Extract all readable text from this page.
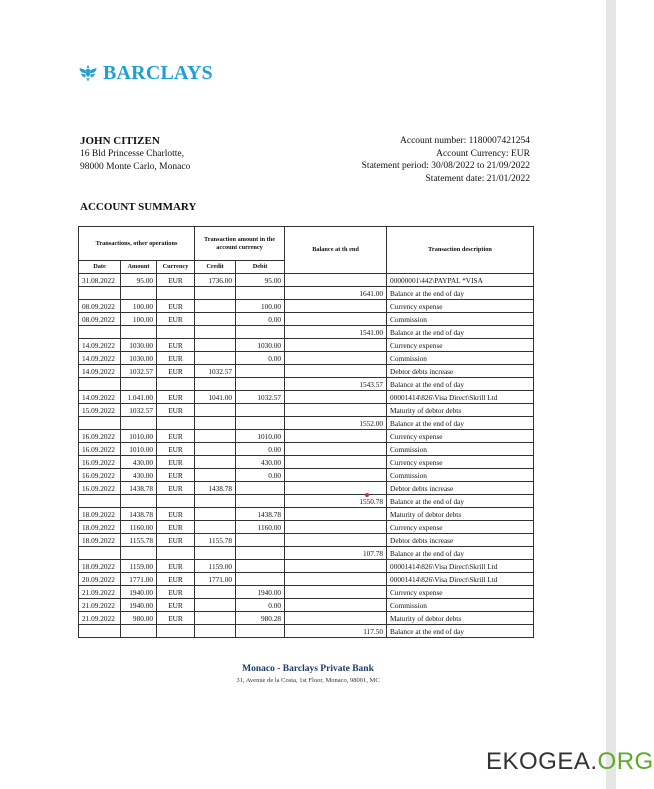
BARCLAYS
JOHN CITIZEN
16 Bld Princesse Charlotte,
98000 Monte Carlo, Monaco
Account number: 1180007421254
Account Currency: EUR
Statement period: 30/08/2022 to 21/09/2022
Statement date: 21/01/2022
ACCOUNT SUMMARY
Transactions, other operations			Transaction amount in the account currency		Balance at th end	Transaction description
Date	Amount	Currency	Credit	Debit		
31.08.2022	95.00	EUR	1736.00	95.00		00000001\442\PAYPAL *VISA
					1641.00	Balance at the end of day
08.09.2022	100.00	EUR		100.00		Currency expense
08.09.2022	100.00	EUR		0.00		Commission
					1541.00	Balance at the end of day
14.09.2022	1030.00	EUR		1030.00		Currency expense
14.09.2022	1030.00	EUR		0.00		Commission
14.09.2022	1032.57	EUR	1032.57			Debtor debts increase
					1543.57	Balance at the end of day
14.09.2022	1.041.00	EUR	1041.00	1032.57		00001414\826\Visa Direct\Skrill Ltd
15.09.2022	1032.57	EUR				Maturity of debtor debts
					1552.00	Balance at the end of day
16.09.2022	1010.00	EUR		1010.00		Currency expense
16.09.2022	1010.00	EUR		0.00		Commission
16.09.2022	430.00	EUR		430.00		Currency expense
16.09.2022	430.00	EUR		0.00		Commission
16.09.2022	1438.78	EUR	1438.78			Debtor debts increase
					1550.78	Balance at the end of day
18.09.2022	1438.78	EUR		1438.78		Maturity of debtor debts
18.09.2022	1160.00	EUR		1160.00		Currency expense
18.09.2022	1155.78	EUR	1155.78			Debtor debts increase
					107.78	Balance at the end of day
18.09.2022	1159.00	EUR	1159.00			00001414\826\Visa Direct\Skrill Ltd
20.09.2022	1771.00	EUR	1771.00			00001414\826\Visa Direct\Skrill Ltd
21.09.2022	1940.00	EUR		1940.00		Currency expense
21.09.2022	1940.00	EUR		0.00		Commission
21.09.2022	980.00	EUR		980.28		Maturity of debtor debts
					117.50	Balance at the end of day
Monaco - Barclays Private Bank
31, Avenue de la Costa, 1st Floor, Monaco, 98001, MC
EKOGEA.ORG
